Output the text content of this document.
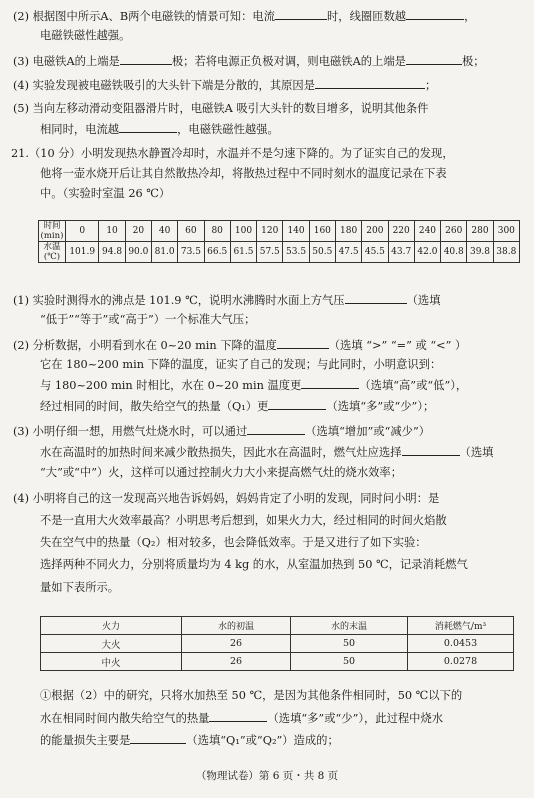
(2) 根据图中所示A、B两个电磁铁的情景可知：电流	时，线圈匝数越	，
电磁铁磁性越强。
(3) 电磁铁A的上端是	极；若将电源正负极对调，则电磁铁A的上端是	极；
(4) 实验发现被电磁铁吸引的大头针下端是分散的，其原因是	；
(5) 当向左移动滑动变阻器滑片时，电磁铁A 吸引大头针的数目增多，说明其他条件
相同时，电流越	，电磁铁磁性越强。
21.（10 分）小明发现热水静置冷却时，水温并不是匀速下降的。为了证实自己的发现，
他将一壶水烧开后让其自然散热冷却，将散热过程中不同时刻水的温度记录在下表
中。（实验时室温 26 ℃）
时间 (min)	0	10	20	40	60	80	100	120	140	160	180	200	220	240	260	280	300
水温 (℃)	101.9	94.8	90.0	81.0	73.5	66.5	61.5	57.5	53.5	50.5	47.5	45.5	43.7	42.0	40.8	39.8	38.8
(1) 实验时测得水的沸点是 101.9 ℃，说明水沸腾时水面上方气压	（选填
“低于”“等于”或“高于”）一个标准大气压；
(2) 分析数据，小明看到水在 0~20 min 下降的温度	（选填 “>” “=” 或 “<” ）
它在 180~200 min 下降的温度，证实了自己的发现；与此同时，小明意识到：
与 180~200 min 时相比，水在 0~20 min 温度更	（选填“高”或“低”），
经过相同的时间，散失给空气的热量（Q₁）更	（选填“多”或“少”）；
(3) 小明仔细一想，用燃气灶烧水时，可以通过	（选填“增加”或“减少”）
水在高温时的加热时间来减少散热损失，因此水在高温时，燃气灶应选择	（选填
“大”或“中”）火，这样可以通过控制火力大小来提高燃气灶的烧水效率；
(4) 小明将自己的这一发现高兴地告诉妈妈，妈妈肯定了小明的发现，同时问小明：是
不是一直用大火效率最高？小明思考后想到，如果火力大，经过相同的时间火焰散
失在空气中的热量（Q₂）相对较多，也会降低效率。于是又进行了如下实验：
选择两种不同火力，分别将质量均为 4 kg 的水，从室温加热到 50 ℃，记录消耗燃气
量如下表所示。
火力	水的初温	水的末温	消耗燃气/m³
大火	26	50	0.0453
中火	26	50	0.0278
①根据（2）中的研究，只将水加热至 50 ℃，是因为其他条件相同时，50 ℃以下的
水在相同时间内散失给空气的热量	（选填“多”或“少”），此过程中烧水
的能量损失主要是	（选填“Q₁”或“Q₂”）造成的；
（物理试卷）第 6 页・共 8 页
